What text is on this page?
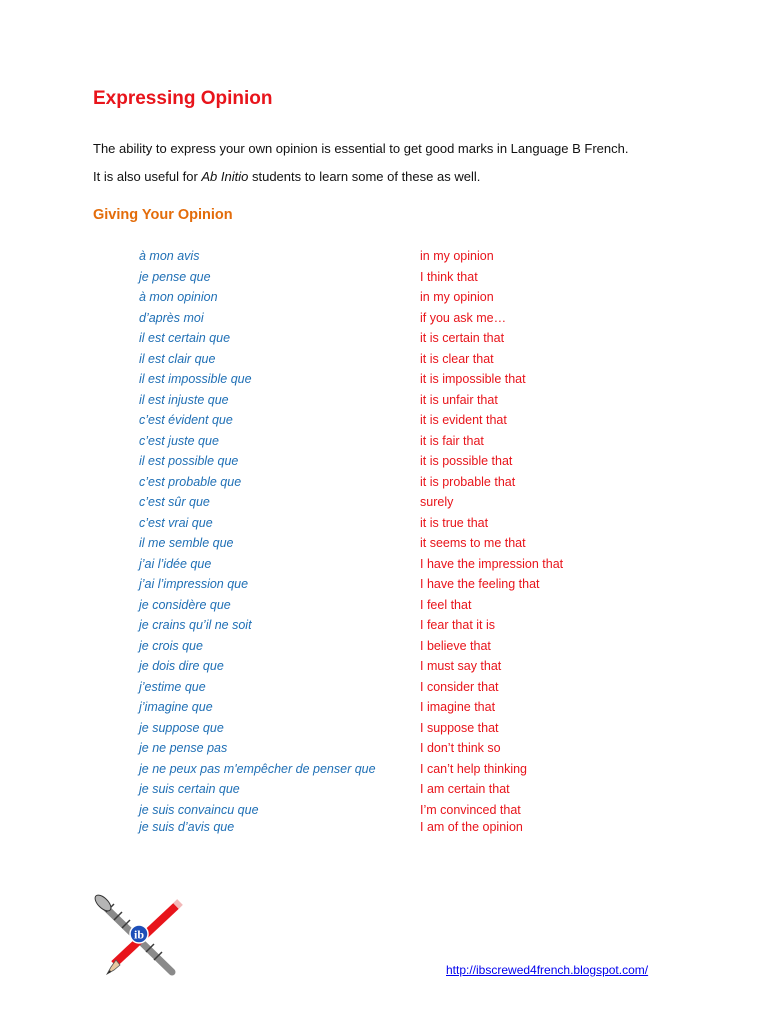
Expressing Opinion

The ability to express your own opinion is essential to get good marks in Language B French.

It is also useful for Ab Initio students to learn some of these as well.

Giving Your Opinion
à mon avis	in my opinion
je pense que	I think that
à mon opinion	in my opinion
d’après moi	if you ask me…
il est certain que	it is certain that
il est clair que	it is clear that
il est impossible que	it is impossible that
il est injuste que	it is unfair that
c’est évident que	it is evident that
c’est juste que	it is fair that
il est possible que	it is possible that
c’est probable que	it is probable that
c’est sûr que	surely
c’est vrai que	it is true that
il me semble que	it seems to me that
j’ai l’idée que	I have the impression that
j’ai l’impression que	I have the feeling that
je considère que	I feel that
je crains qu’il ne soit	I fear that it is
je crois que	I believe that
je dois dire que	I must say that
j’estime que	I consider that
j’imagine que	I imagine that
je suppose que	I suppose that
je ne pense pas	I don’t think so
je ne peux pas m'empêcher de penser que	I can’t help thinking
je suis certain que	I am certain that
je suis convaincu que	I’m convinced that
je suis d’avis que	I am of the opinion
ib
http://ibscrewed4french.blogspot.com/
